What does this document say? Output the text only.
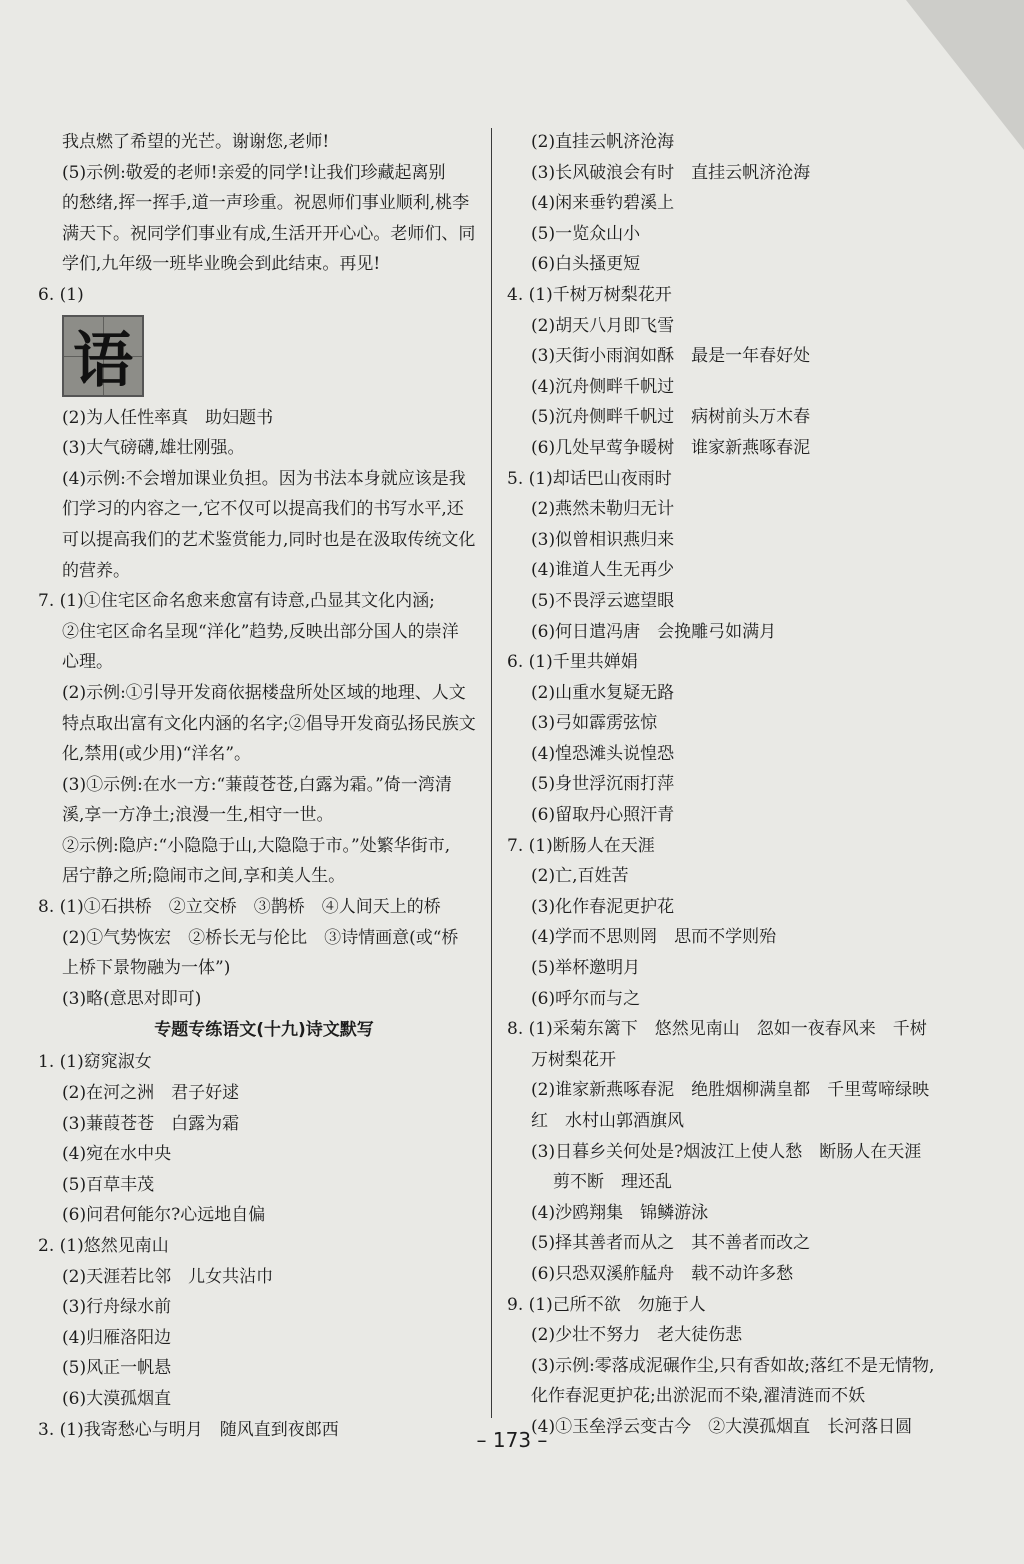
我点燃了希望的光芒。谢谢您,老师!
(5)示例:敬爱的老师!亲爱的同学!让我们珍藏起离别
的愁绪,挥一挥手,道一声珍重。祝恩师们事业顺利,桃李
满天下。祝同学们事业有成,生活开开心心。老师们、同
学们,九年级一班毕业晚会到此结束。再见!
6. (1)
语
(2)为人任性率真　助妇题书
(3)大气磅礴,雄壮刚强。
(4)示例:不会增加课业负担。因为书法本身就应该是我
们学习的内容之一,它不仅可以提高我们的书写水平,还
可以提高我们的艺术鉴赏能力,同时也是在汲取传统文化
的营养。
7. (1)①住宅区命名愈来愈富有诗意,凸显其文化内涵;
②住宅区命名呈现“洋化”趋势,反映出部分国人的崇洋
心理。
(2)示例:①引导开发商依据楼盘所处区域的地理、人文
特点取出富有文化内涵的名字;②倡导开发商弘扬民族文
化,禁用(或少用)“洋名”。
(3)①示例:在水一方:“蒹葭苍苍,白露为霜。”倚一湾清
溪,享一方净土;浪漫一生,相守一世。
②示例:隐庐:“小隐隐于山,大隐隐于市。”处繁华街市,
居宁静之所;隐闹市之间,享和美人生。
8. (1)①石拱桥　②立交桥　③鹊桥　④人间天上的桥
(2)①气势恢宏　②桥长无与伦比　③诗情画意(或“桥
上桥下景物融为一体”)
(3)略(意思对即可)
专题专练语文(十九)诗文默写
1. (1)窈窕淑女
(2)在河之洲　君子好逑
(3)蒹葭苍苍　白露为霜
(4)宛在水中央
(5)百草丰茂
(6)问君何能尔?心远地自偏
2. (1)悠然见南山
(2)天涯若比邻　儿女共沾巾
(3)行舟绿水前
(4)归雁洛阳边
(5)风正一帆悬
(6)大漠孤烟直
3. (1)我寄愁心与明月　随风直到夜郎西
(2)直挂云帆济沧海
(3)长风破浪会有时　直挂云帆济沧海
(4)闲来垂钓碧溪上
(5)一览众山小
(6)白头搔更短
4. (1)千树万树梨花开
(2)胡天八月即飞雪
(3)天街小雨润如酥　最是一年春好处
(4)沉舟侧畔千帆过
(5)沉舟侧畔千帆过　病树前头万木春
(6)几处早莺争暖树　谁家新燕啄春泥
5. (1)却话巴山夜雨时
(2)燕然未勒归无计
(3)似曾相识燕归来
(4)谁道人生无再少
(5)不畏浮云遮望眼
(6)何日遣冯唐　会挽雕弓如满月
6. (1)千里共婵娟
(2)山重水复疑无路
(3)弓如霹雳弦惊
(4)惶恐滩头说惶恐
(5)身世浮沉雨打萍
(6)留取丹心照汗青
7. (1)断肠人在天涯
(2)亡,百姓苦
(3)化作春泥更护花
(4)学而不思则罔　思而不学则殆
(5)举杯邀明月
(6)呼尔而与之
8. (1)采菊东篱下　悠然见南山　忽如一夜春风来　千树
万树梨花开
(2)谁家新燕啄春泥　绝胜烟柳满皇都　千里莺啼绿映
红　水村山郭酒旗风
(3)日暮乡关何处是?烟波江上使人愁　断肠人在天涯
剪不断　理还乱
(4)沙鸥翔集　锦鳞游泳
(5)择其善者而从之　其不善者而改之
(6)只恐双溪舴艋舟　载不动许多愁
9. (1)己所不欲　勿施于人
(2)少壮不努力　老大徒伤悲
(3)示例:零落成泥碾作尘,只有香如故;落红不是无情物,
化作春泥更护花;出淤泥而不染,濯清涟而不妖
(4)①玉垒浮云变古今　②大漠孤烟直　长河落日圆
– 173 –
